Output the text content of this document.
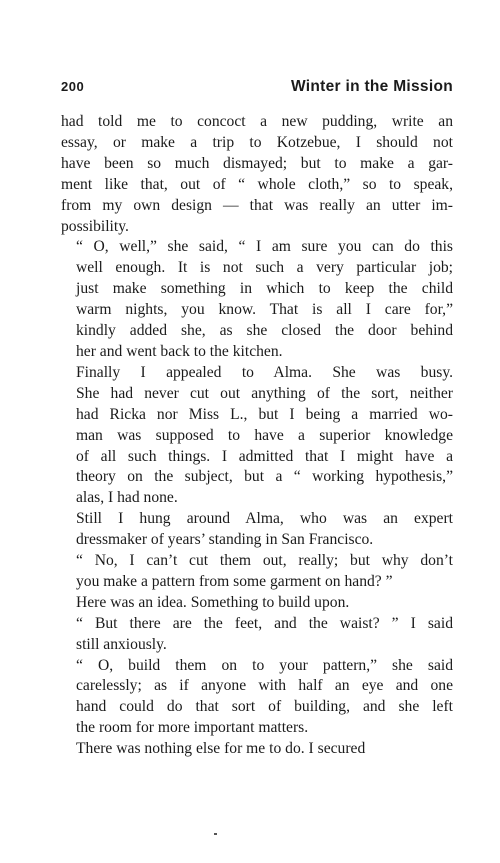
200	Winter in the Mission

had told me to concoct a new pudding, write an
essay, or make a trip to Kotzebue, I should not
have been so much dismayed; but to make a gar-
ment like that, out of “ whole cloth,” so to speak,
from my own design — that was really an utter im-
possibility.

“ O, well,” she said, “ I am sure you can do this
well enough. It is not such a very particular job;
just make something in which to keep the child
warm nights, you know. That is all I care for,”
kindly added she, as she closed the door behind
her and went back to the kitchen.

Finally I appealed to Alma. She was busy.
She had never cut out anything of the sort, neither
had Ricka nor Miss L., but I being a married wo-
man was supposed to have a superior knowledge
of all such things. I admitted that I might have a
theory on the subject, but a “ working hypothesis,”
alas, I had none.

Still I hung around Alma, who was an expert
dressmaker of years’ standing in San Francisco.

“ No, I can’t cut them out, really; but why don’t
you make a pattern from some garment on hand? ”

Here was an idea. Something to build upon.

“ But there are the feet, and the waist? ” I said
still anxiously.

“ O, build them on to your pattern,” she said
carelessly; as if anyone with half an eye and one
hand could do that sort of building, and she left
the room for more important matters.

There was nothing else for me to do. I secured
